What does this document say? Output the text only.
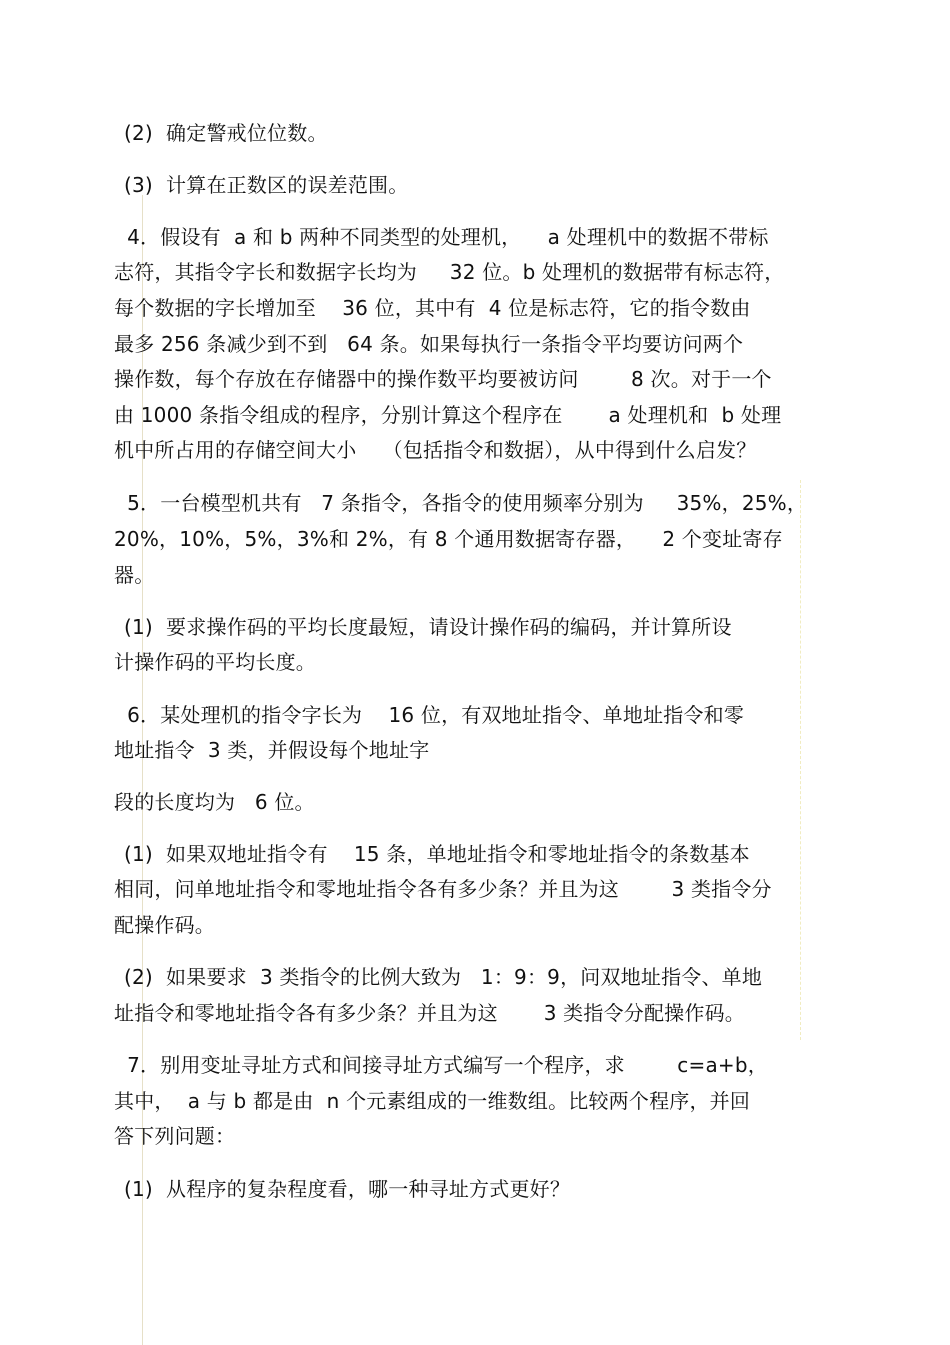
(2)  确定警戒位位数。
(3)  计算在正数区的误差范围。
4．假设有  a 和 b 两种不同类型的处理机，    a 处理机中的数据不带标
志符，其指令字长和数据字长均为     32 位。b 处理机的数据带有标志符，
每个数据的字长增加至    36 位，其中有  4 位是标志符，它的指令数由
最多 256 条减少到不到   64 条。如果每执行一条指令平均要访问两个
操作数，每个存放在存储器中的操作数平均要被访问        8 次。对于一个
由 1000 条指令组成的程序，分别计算这个程序在       a 处理机和  b 处理
机中所占用的存储空间大小    （包括指令和数据），从中得到什么启发？
5．一台模型机共有   7 条指令，各指令的使用频率分别为     35%，25%，
20%，10%，5%，3%和 2%，有 8 个通用数据寄存器，    2 个变址寄存
器。
(1)  要求操作码的平均长度最短，请设计操作码的编码，并计算所设
计操作码的平均长度。
6．某处理机的指令字长为    16 位，有双地址指令、单地址指令和零
地址指令  3 类，并假设每个地址字
段的长度均为   6 位。
(1)  如果双地址指令有    15 条，单地址指令和零地址指令的条数基本
相同，问单地址指令和零地址指令各有多少条？并且为这        3 类指令分
配操作码。
(2)  如果要求  3 类指令的比例大致为   1：9：9，问双地址指令、单地
址指令和零地址指令各有多少条？并且为这       3 类指令分配操作码。
7．别用变址寻址方式和间接寻址方式编写一个程序，求        c=a+b，
其中，  a 与 b 都是由  n 个元素组成的一维数组。比较两个程序，并回
答下列问题：
(1)  从程序的复杂程度看，哪一种寻址方式更好？
